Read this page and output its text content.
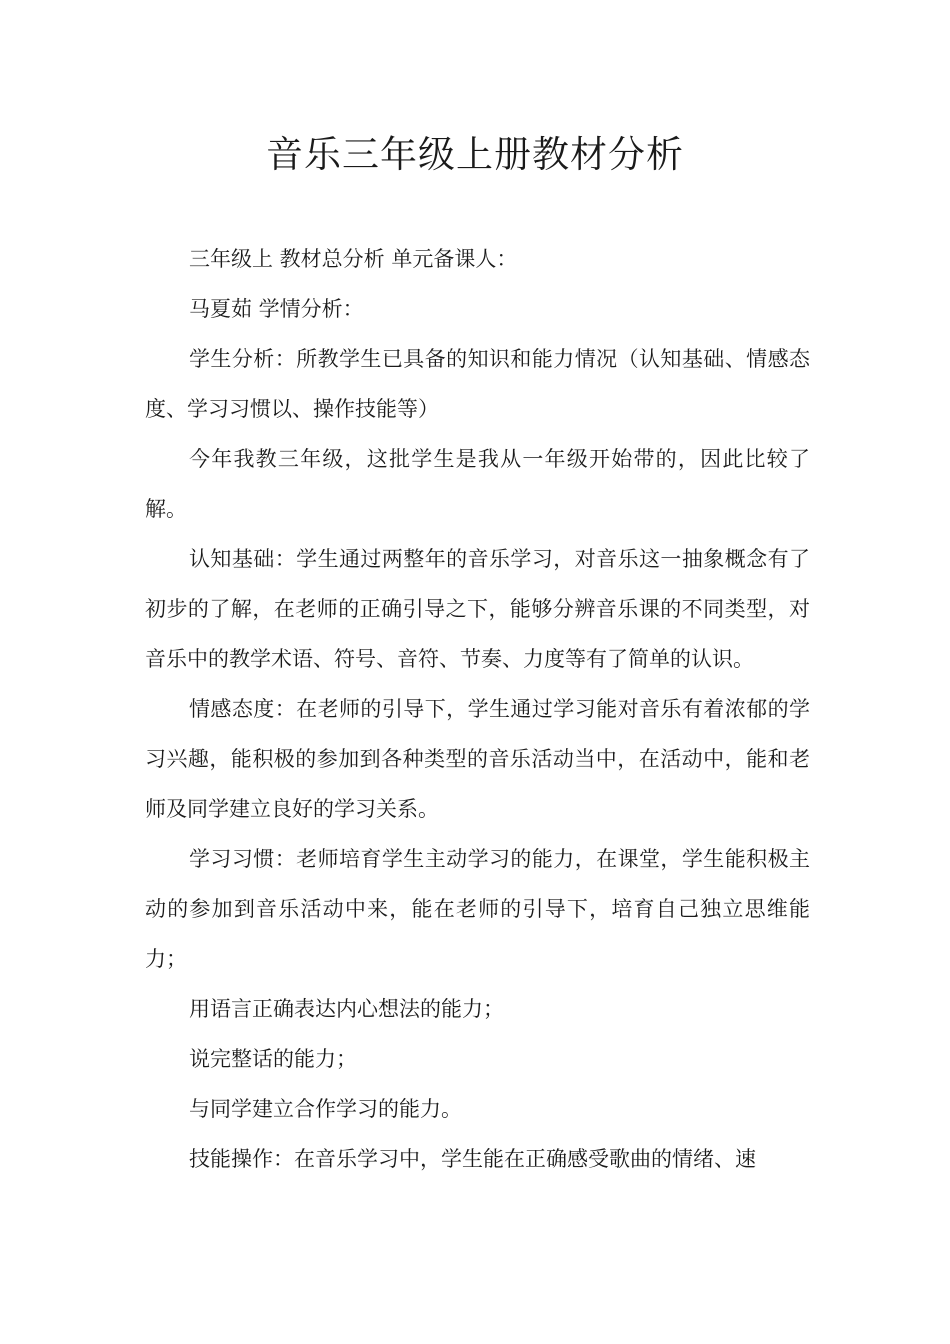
音乐三年级上册教材分析

三年级上 教材总分析 单元备课人：

马夏茹 学情分析：

学生分析：所教学生已具备的知识和能力情况（认知基础、情感态度、学习习惯以、操作技能等）

今年我教三年级，这批学生是我从一年级开始带的，因此比较了解。

认知基础：学生通过两整年的音乐学习，对音乐这一抽象概念有了初步的了解，在老师的正确引导之下，能够分辨音乐课的不同类型，对音乐中的教学术语、符号、音符、节奏、力度等有了简单的认识。

情感态度：在老师的引导下，学生通过学习能对音乐有着浓郁的学习兴趣，能积极的参加到各种类型的音乐活动当中，在活动中，能和老师及同学建立良好的学习关系。

学习习惯：老师培育学生主动学习的能力，在课堂，学生能积极主动的参加到音乐活动中来，能在老师的引导下，培育自己独立思维能力；

用语言正确表达内心想法的能力；

说完整话的能力；

与同学建立合作学习的能力。

技能操作：在音乐学习中，学生能在正确感受歌曲的情绪、速
